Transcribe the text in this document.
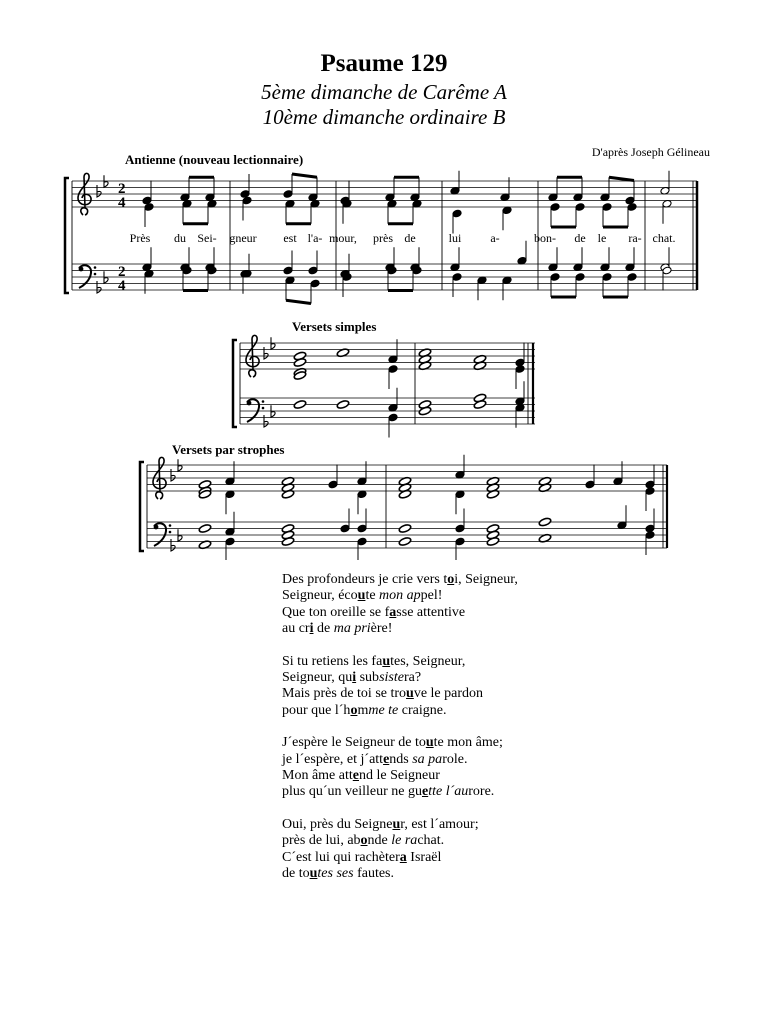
Psaume 129
5ème dimanche de Carême A
10ème dimanche ordinaire B
D'après Joseph Gélineau
Antienne (nouveau lectionnaire)
Versets simples
Versets par strophes
2
4
2
4
Près du Sei- gneur est l'a- mour, près de	lui a-	bon- de le ra- chat.
Des profondeurs je crie vers toi, Seigneur,
Seigneur, écoute mon appel!
Que ton oreille se fasse attentive
au cri de ma prière!
Si tu retiens les fautes, Seigneur,
Seigneur, qui subsistera?
Mais près de toi se trouve le pardon
pour que l´homme te craigne.
J´espère le Seigneur de toute mon âme;
je l´espère, et j´attends sa parole.
Mon âme attend le Seigneur
plus qu´un veilleur ne guette l´aurore.
Oui, près du Seigneur, est l´amour;
près de lui, abonde le rachat.
C´est lui qui rachètera Israël
de toutes ses fautes.
